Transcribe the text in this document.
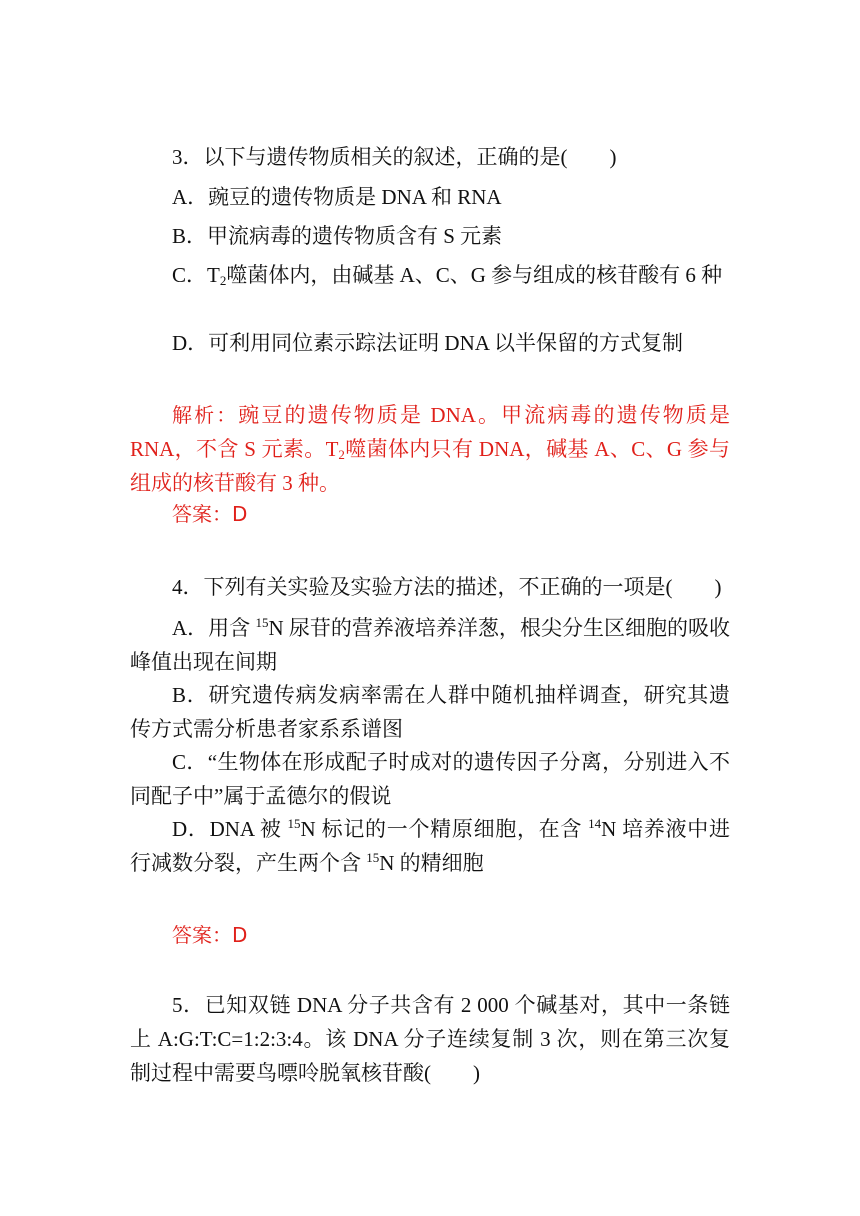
3．以下与遗传物质相关的叙述，正确的是(　　)
A．豌豆的遗传物质是 DNA 和 RNA
B．甲流病毒的遗传物质含有 S 元素
C．$T_2$噬菌体内，由碱基 A、C、G 参与组成的核苷酸有 6 种
D．可利用同位素示踪法证明 DNA 以半保留的方式复制
解析：豌豆的遗传物质是 DNA。甲流病毒的遗传物质是 RNA，不含 S 元素。$T_2$噬菌体内只有 DNA，碱基 A、C、G 参与组成的核苷酸有 3 种。
答案：D
4．下列有关实验及实验方法的描述，不正确的一项是(　　)
A．用含 $^{15}$N 尿苷的营养液培养洋葱，根尖分生区细胞的吸收峰值出现在间期
B．研究遗传病发病率需在人群中随机抽样调查，研究其遗传方式需分析患者家系系谱图
C．“生物体在形成配子时成对的遗传因子分离，分别进入不同配子中”属于孟德尔的假说
D．DNA 被 $^{15}$N 标记的一个精原细胞，在含 $^{14}$N 培养液中进行减数分裂，产生两个含 $^{15}$N 的精细胞
答案：D
5．已知双链 DNA 分子共含有 2 000 个碱基对，其中一条链上 A:G:T:C=1:2:3:4。该 DNA 分子连续复制 3 次，则在第三次复制过程中需要鸟嘌呤脱氧核苷酸(　　)
